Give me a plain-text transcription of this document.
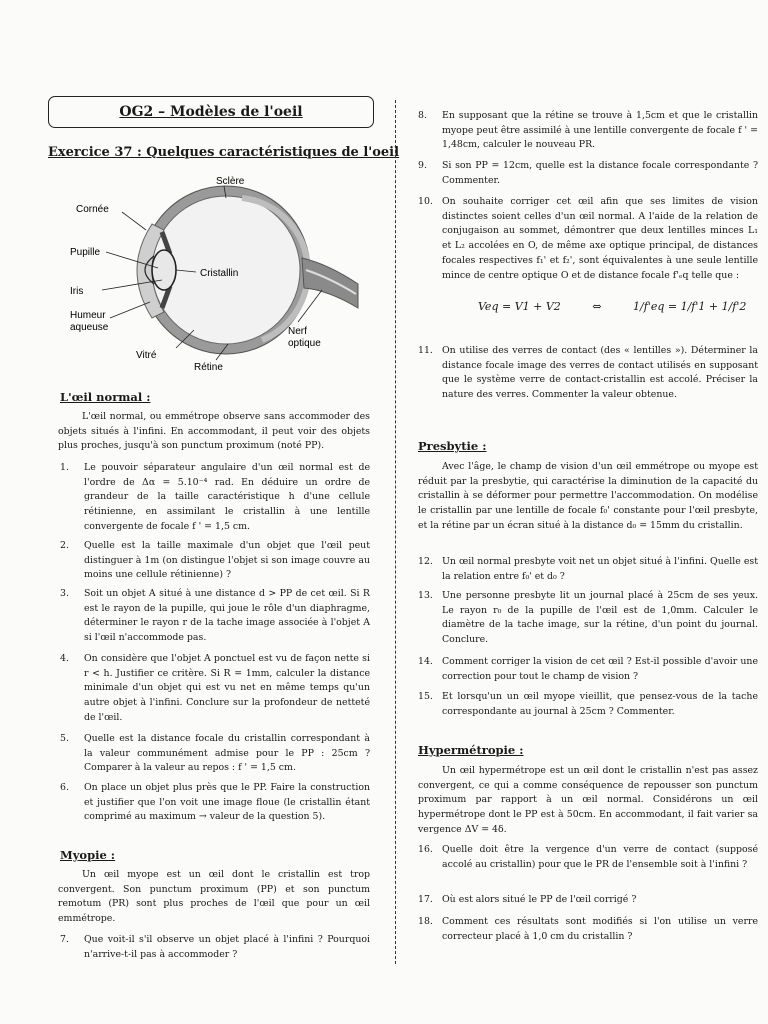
OG2 – Modèles de l'oeil
Exercice 37 : Quelques caractéristiques de l'oeil
Sclère
Cornée
Pupille
Cristallin
Iris
Humeur
aqueuse
Vitré
Rétine
Nerf
optique
L'œil normal :
L'œil normal, ou emmétrope observe sans accommoder des objets situés à l'infini. En accommodant, il peut voir des objets plus proches, jusqu'à son punctum proximum (noté PP).
1. Le pouvoir séparateur angulaire d'un œil normal est de l'ordre de Δα = 5.10⁻⁴ rad. En déduire un ordre de grandeur de la taille caractéristique h d'une cellule rétinienne, en assimilant le cristallin à une lentille convergente de focale f ' = 1,5 cm.
2. Quelle est la taille maximale d'un objet que l'œil peut distinguer à 1m (on distingue l'objet si son image couvre au moins une cellule rétinienne) ?
3. Soit un objet A situé à une distance d > PP de cet œil. Si R est le rayon de la pupille, qui joue le rôle d'un diaphragme, déterminer le rayon r de la tache image associée à l'objet A si l'œil n'accommode pas.
4. On considère que l'objet A ponctuel est vu de façon nette si r < h. Justifier ce critère. Si R = 1mm, calculer la distance minimale d'un objet qui est vu net en même temps qu'un autre objet à l'infini. Conclure sur la profondeur de netteté de l'œil.
5. Quelle est la distance focale du cristallin correspondant à la valeur communément admise pour le PP : 25cm ? Comparer à la valeur au repos : f ' = 1,5 cm.
6. On place un objet plus près que le PP. Faire la construction et justifier que l'on voit une image floue (le cristallin étant comprimé au maximum → valeur de la question 5).
Myopie :
Un œil myope est un œil dont le cristallin est trop convergent. Son punctum proximum (PP) et son punctum remotum (PR) sont plus proches de l'œil que pour un œil emmétrope.
7. Que voit-il s'il observe un objet placé à l'infini ? Pourquoi n'arrive-t-il pas à accommoder ?
8. En supposant que la rétine se trouve à 1,5cm et que le cristallin myope peut être assimilé à une lentille convergente de focale f ' = 1,48cm, calculer le nouveau PR.
9. Si son PP = 12cm, quelle est la distance focale correspondante ? Commenter.
10. On souhaite corriger cet œil afin que ses limites de vision distinctes soient celles d'un œil normal. A l'aide de la relation de conjugaison au sommet, démontrer que deux lentilles minces L₁ et L₂ accolées en O, de même axe optique principal, de distances focales respectives f₁' et f₂', sont équivalentes à une seule lentille mince de centre optique O et de distance focale f'ₑq telle que :
Veq = V1 + V2	⇔	1/f'eq = 1/f'1 + 1/f'2
11. On utilise des verres de contact (des « lentilles »). Déterminer la distance focale image des verres de contact utilisés en supposant que le système verre de contact-cristallin est accolé. Préciser la nature des verres. Commenter la valeur obtenue.
Presbytie :
Avec l'âge, le champ de vision d'un œil emmétrope ou myope est réduit par la presbytie, qui caractérise la diminution de la capacité du cristallin à se déformer pour permettre l'accommodation. On modélise le cristallin par une lentille de focale f₀' constante pour l'œil presbyte, et la rétine par un écran situé à la distance d₀ = 15mm du cristallin.
12. Un œil normal presbyte voit net un objet situé à l'infini. Quelle est la relation entre f₀' et d₀ ?
13. Une personne presbyte lit un journal placé à 25cm de ses yeux. Le rayon r₀ de la pupille de l'œil est de 1,0mm. Calculer le diamètre de la tache image, sur la rétine, d'un point du journal. Conclure.
14. Comment corriger la vision de cet œil ? Est-il possible d'avoir une correction pour tout le champ de vision ?
15. Et lorsqu'un un œil myope vieillit, que pensez-vous de la tache correspondante au journal à 25cm ? Commenter.
Hypermétropie :
Un œil hypermétrope est un œil dont le cristallin n'est pas assez convergent, ce qui a comme conséquence de repousser son punctum proximum par rapport à un œil normal. Considérons un œil hypermétrope dont le PP est à 50cm. En accommodant, il fait varier sa vergence ΔV = 4δ.
16. Quelle doit être la vergence d'un verre de contact (supposé accolé au cristallin) pour que le PR de l'ensemble soit à l'infini ?
17. Où est alors situé le PP de l'œil corrigé ?
18. Comment ces résultats sont modifiés si l'on utilise un verre correcteur placé à 1,0 cm du cristallin ?
